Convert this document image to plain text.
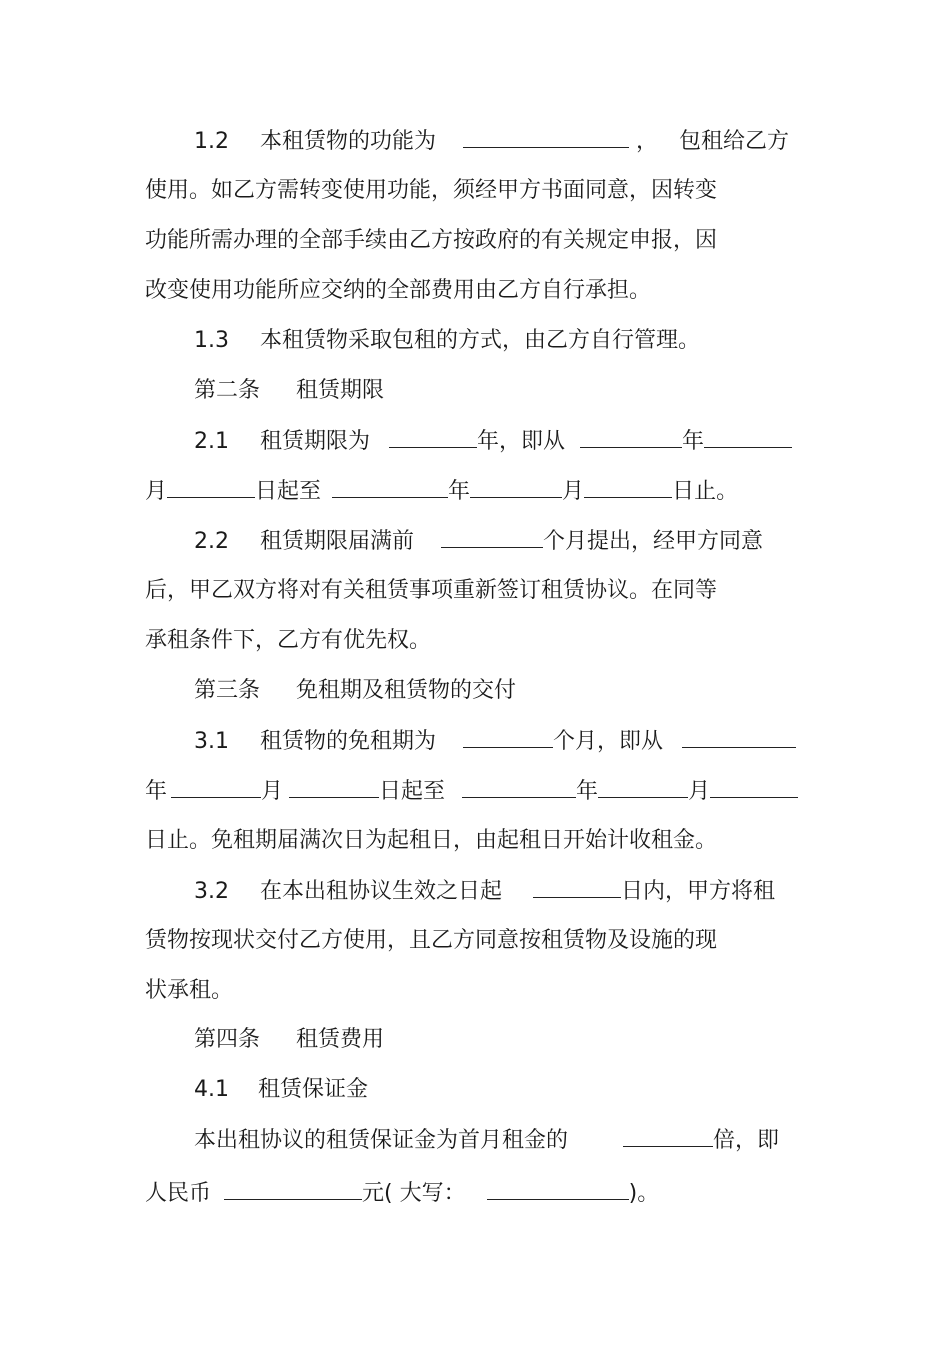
1.2 本租赁物的功能为	， 包租给乙方
使用。如乙方需转变使用功能，须经甲方书面同意，因转变
功能所需办理的全部手续由乙方按政府的有关规定申报，因
改变使用功能所应交纳的全部费用由乙方自行承担。
1.3 本租赁物采取包租的方式，由乙方自行管理。
第二条 租赁期限
2.1 租赁期限为	年，即从	年
月	日起至	年	月	日止。
2.2 租赁期限届满前	个月提出，经甲方同意
后，甲乙双方将对有关租赁事项重新签订租赁协议。在同等
承租条件下，乙方有优先权。
第三条 免租期及租赁物的交付
3.1 租赁物的免租期为	个月，即从
年	月	日起至	年	月
日止。免租期届满次日为起租日，由起租日开始计收租金。
3.2 在本出租协议生效之日起	日内，甲方将租
赁物按现状交付乙方使用，且乙方同意按租赁物及设施的现
状承租。
第四条 租赁费用
4.1 租赁保证金
本出租协议的租赁保证金为首月租金的	倍，即
人民币	元( 大写：	)。
